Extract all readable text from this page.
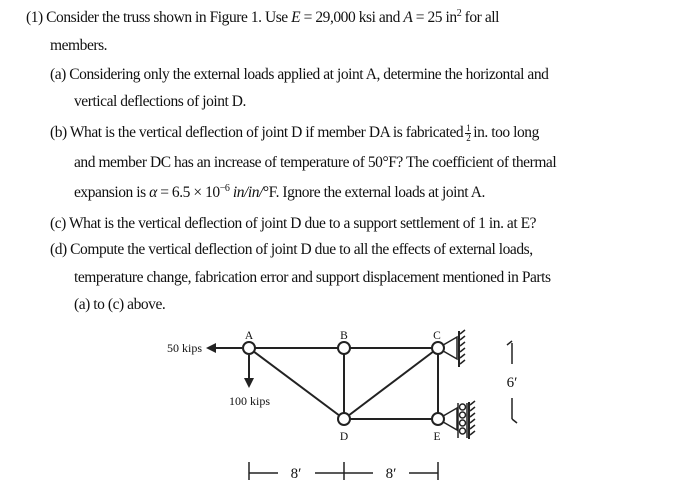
(1) Consider the truss shown in Figure 1. Use E = 29,000 ksi and A = 25 $in^2$ for all
members.
(a) Considering only the external loads applied at joint A, determine the horizontal and
vertical deflections of joint D.
(b) What is the vertical deflection of joint D if member DA is fabricated $\frac{1}{2}$ in. too long
and member DC has an increase of temperature of 50°F? The coefficient of thermal
expansion is $\alpha = 6.5 \times 10^{-6}$ in/in/°F. Ignore the external loads at joint A.
(c) What is the vertical deflection of joint D due to a support settlement of 1 in. at E?
(d) Compute the vertical deflection of joint D due to all the effects of external loads,
temperature change, fabrication error and support displacement mentioned in Parts
(a) to (c) above.
A	B	C
D	E
50 kips
100 kips
8′	8′
6′
